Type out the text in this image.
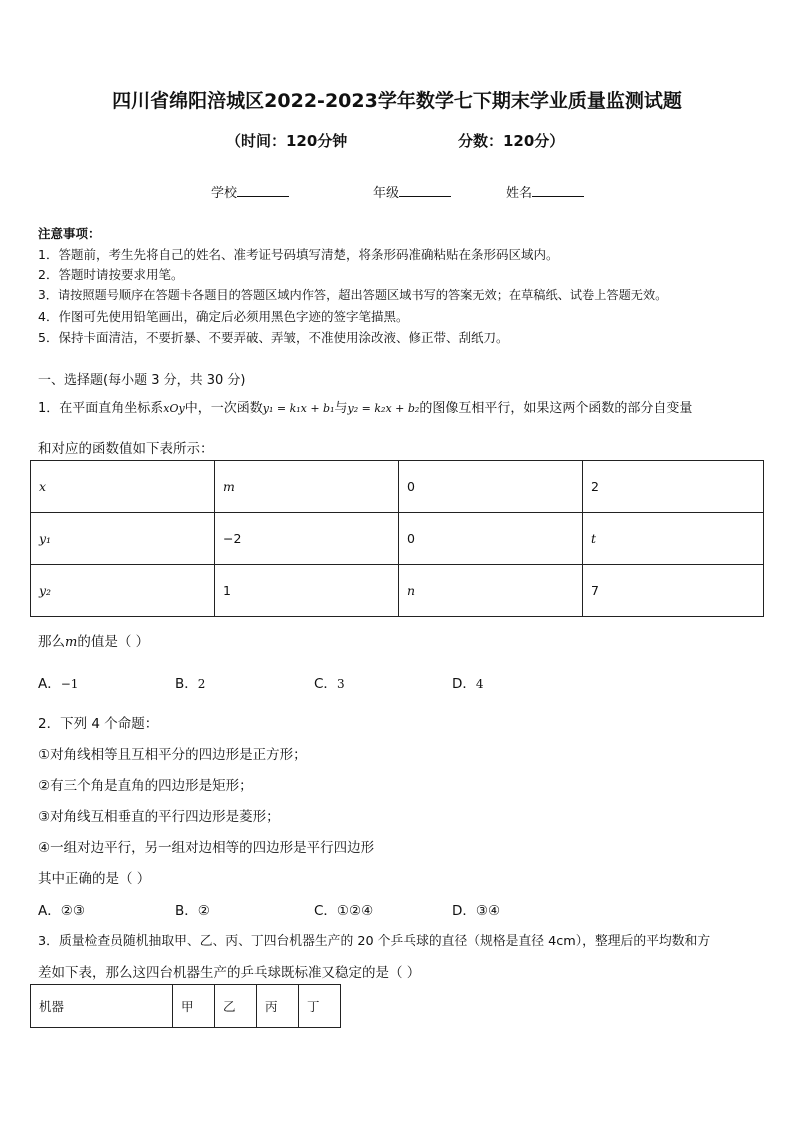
四川省绵阳涪城区2022-2023学年数学七下期末学业质量监测试题
（时间：120分钟	分数：120分）
学校	年级	姓名
注意事项：
1．答题前，考生先将自己的姓名、准考证号码填写清楚，将条形码准确粘贴在条形码区域内。
2．答题时请按要求用笔。
3．请按照题号顺序在答题卡各题目的答题区域内作答，超出答题区域书写的答案无效；在草稿纸、试卷上答题无效。
4．作图可先使用铅笔画出，确定后必须用黑色字迹的签字笔描黑。
5．保持卡面清洁，不要折暴、不要弄破、弄皱，不准使用涂改液、修正带、刮纸刀。
一、选择题(每小题 3 分，共 30 分)
1．在平面直角坐标系xOy中，一次函数y₁ = k₁x + b₁与y₂ = k₂x + b₂的图像互相平行，如果这两个函数的部分自变量
和对应的函数值如下表所示：
x	m	0	2
y₁	−2	0	t
y₂	1	n	7
那么m的值是（ ）
A．−1	B．2	C．3	D．4
2．下列 4 个命题：
①对角线相等且互相平分的四边形是正方形；
②有三个角是直角的四边形是矩形；
③对角线互相垂直的平行四边形是菱形；
④一组对边平行，另一组对边相等的四边形是平行四边形
其中正确的是（ ）
A．②③	B．②	C．①②④	D．③④
3．质量检查员随机抽取甲、乙、丙、丁四台机器生产的 20 个乒乓球的直径（规格是直径 4cm），整理后的平均数和方
差如下表，那么这四台机器生产的乒乓球既标准又稳定的是（ ）
机器	甲	乙	丙	丁
